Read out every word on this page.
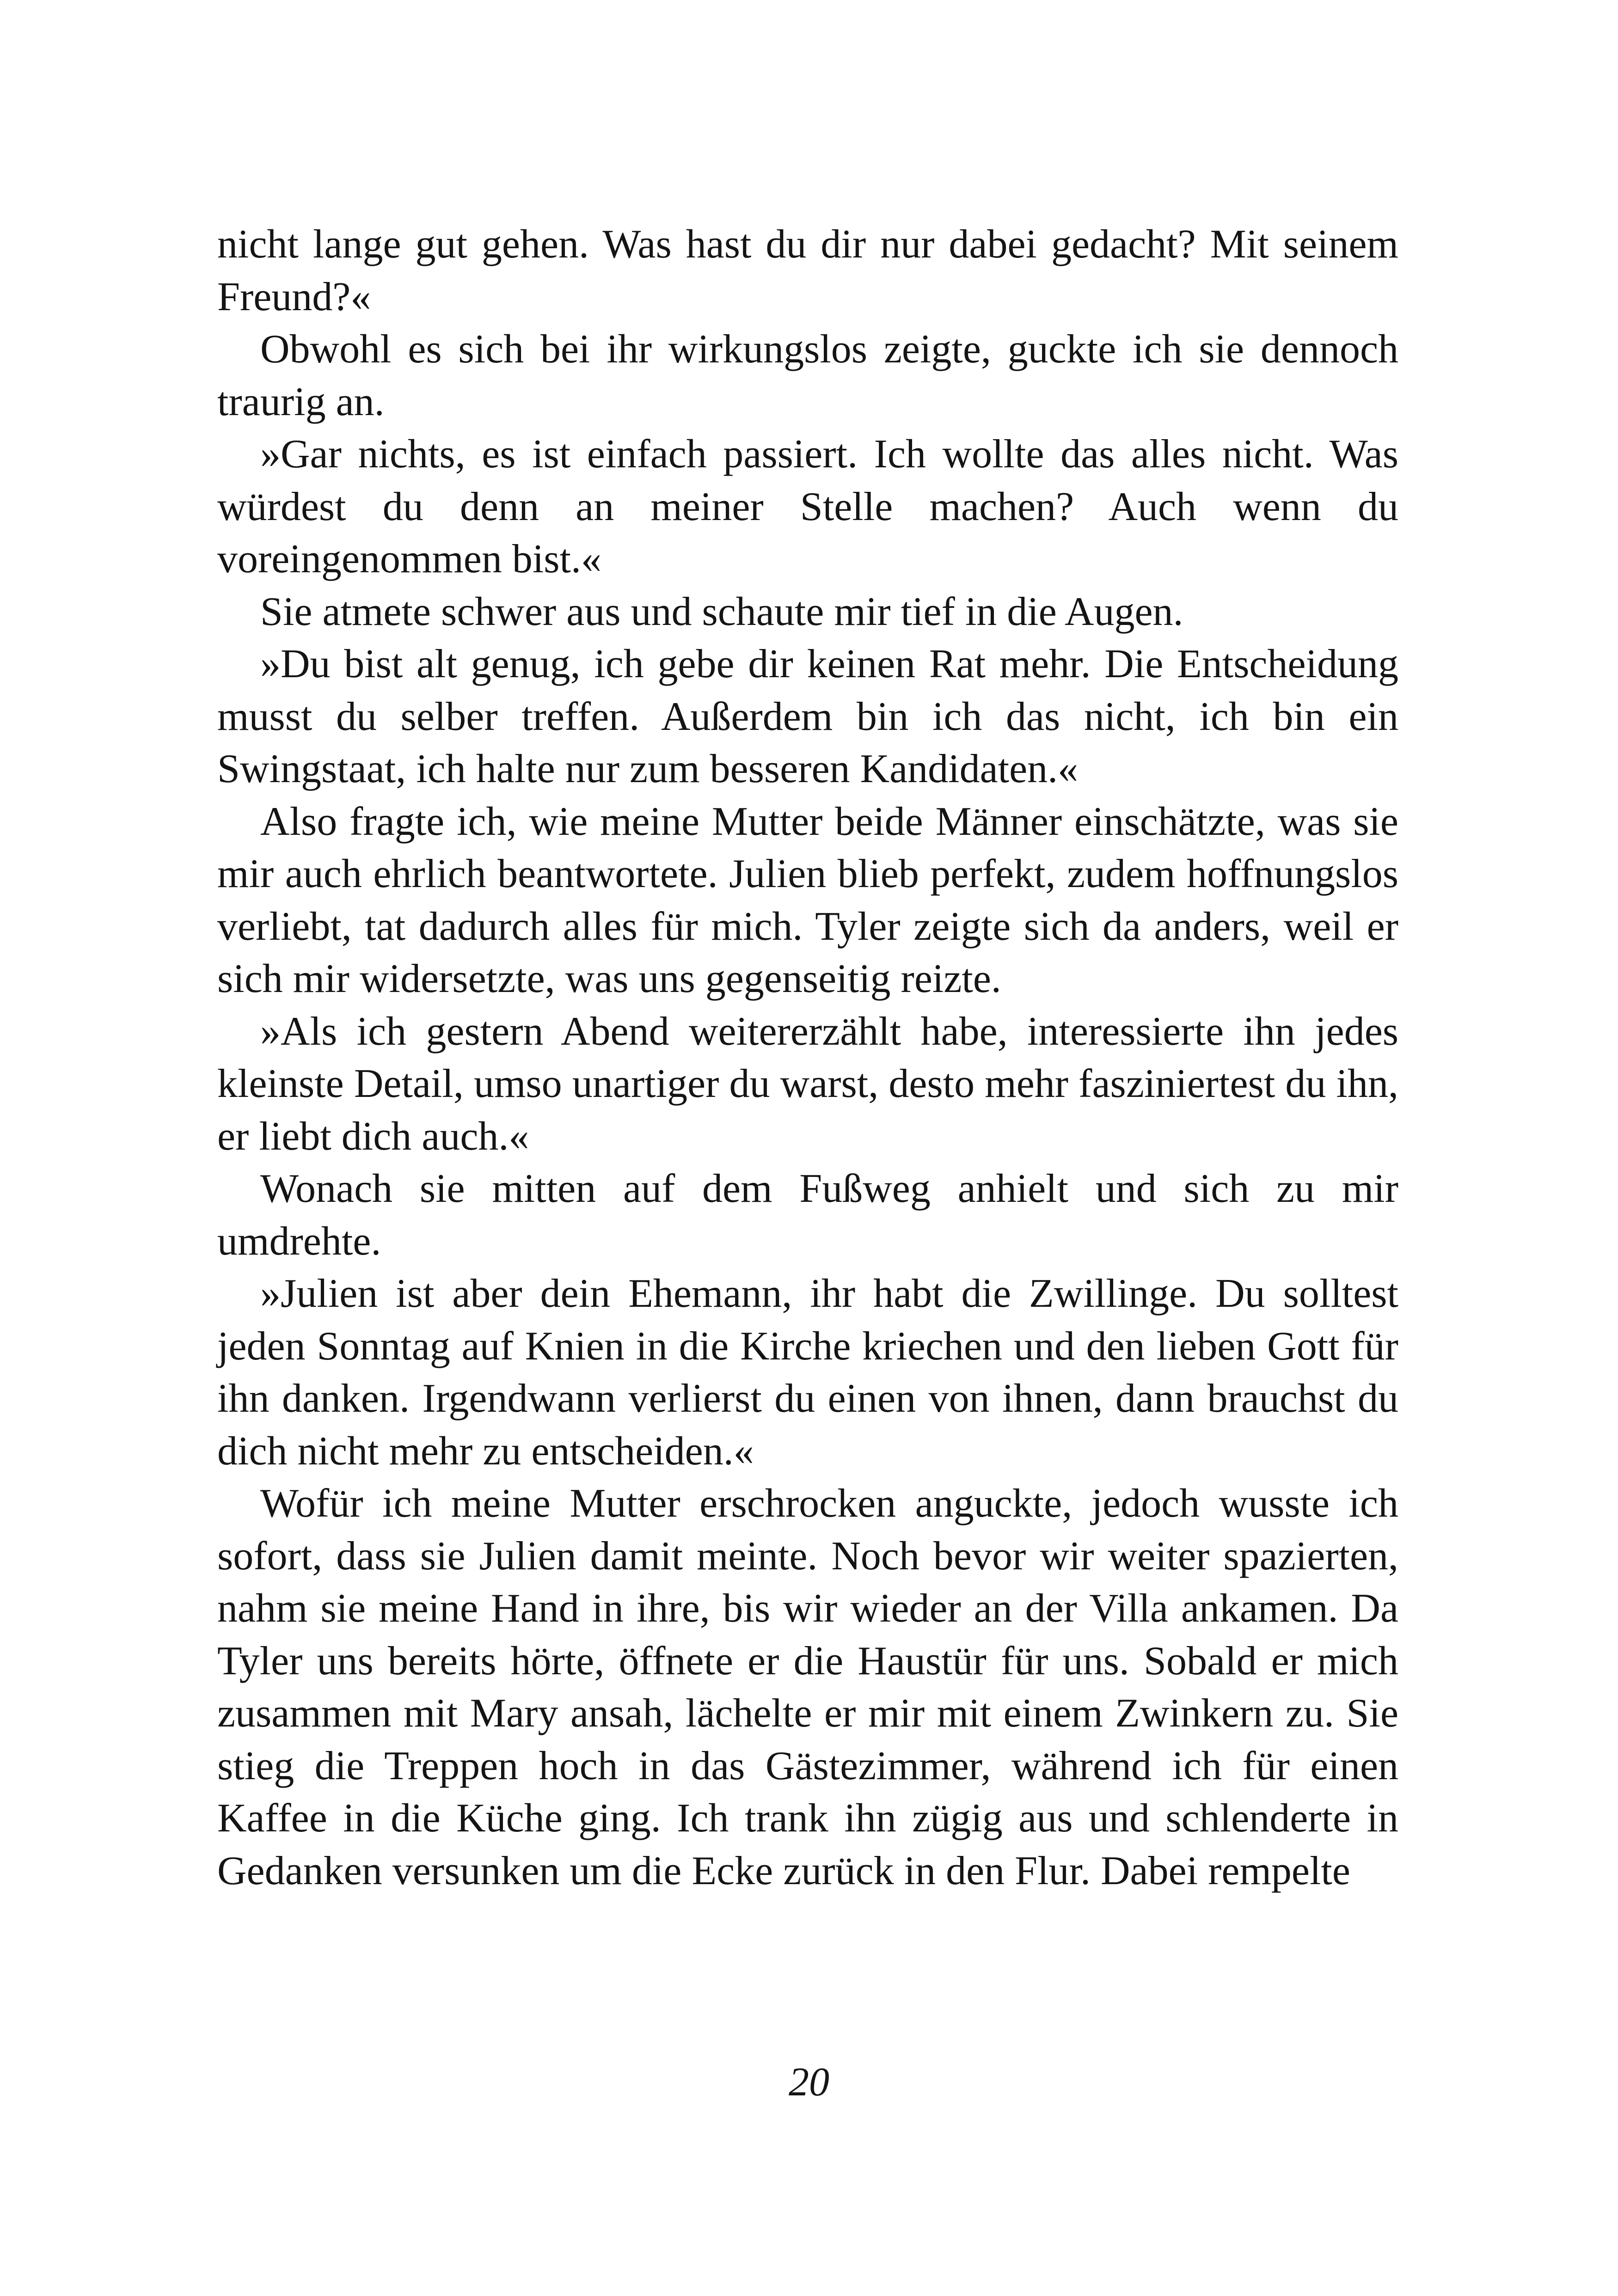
nicht lange gut gehen. Was hast du dir nur dabei gedacht? Mit seinem Freund?«

Obwohl es sich bei ihr wirkungslos zeigte, guckte ich sie dennoch traurig an.

»Gar nichts, es ist einfach passiert. Ich wollte das alles nicht. Was würdest du denn an meiner Stelle machen? Auch wenn du voreingenommen bist.«

Sie atmete schwer aus und schaute mir tief in die Augen.

»Du bist alt genug, ich gebe dir keinen Rat mehr. Die Entscheidung musst du selber treffen. Außerdem bin ich das nicht, ich bin ein Swingstaat, ich halte nur zum besseren Kandidaten.«

Also fragte ich, wie meine Mutter beide Männer einschätzte, was sie mir auch ehrlich beantwortete. Julien blieb perfekt, zudem hoffnungslos verliebt, tat dadurch alles für mich. Tyler zeigte sich da anders, weil er sich mir widersetzte, was uns gegenseitig reizte.

»Als ich gestern Abend weitererzählt habe, interessierte ihn jedes kleinste Detail, umso unartiger du warst, desto mehr fasziniertest du ihn, er liebt dich auch.«

Wonach sie mitten auf dem Fußweg anhielt und sich zu mir umdrehte.

»Julien ist aber dein Ehemann, ihr habt die Zwillinge. Du solltest jeden Sonntag auf Knien in die Kirche kriechen und den lieben Gott für ihn danken. Irgendwann verlierst du einen von ihnen, dann brauchst du dich nicht mehr zu entscheiden.«

Wofür ich meine Mutter erschrocken anguckte, jedoch wusste ich sofort, dass sie Julien damit meinte. Noch bevor wir weiter spazierten, nahm sie meine Hand in ihre, bis wir wieder an der Villa ankamen. Da Tyler uns bereits hörte, öffnete er die Haustür für uns. Sobald er mich zusammen mit Mary ansah, lächelte er mir mit einem Zwinkern zu. Sie stieg die Treppen hoch in das Gästezimmer, während ich für einen Kaffee in die Küche ging. Ich trank ihn zügig aus und schlenderte in Gedanken versunken um die Ecke zurück in den Flur. Dabei rempelte

20
